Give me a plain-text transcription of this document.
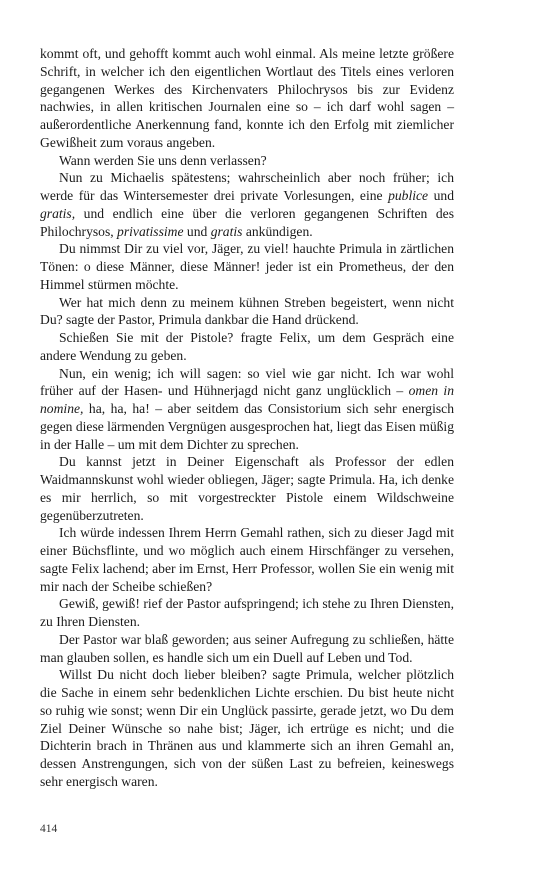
kommt oft, und gehofft kommt auch wohl einmal. Als meine letzte größere Schrift, in welcher ich den eigentlichen Wortlaut des Titels eines verloren gegangenen Werkes des Kirchenvaters Philochrysos bis zur Evidenz nachwies, in allen kritischen Journalen eine so – ich darf wohl sagen – außerordentliche Anerkennung fand, konnte ich den Erfolg mit ziemlicher Gewißheit zum voraus angeben.

Wann werden Sie uns denn verlassen?

Nun zu Michaelis spätestens; wahrscheinlich aber noch früher; ich werde für das Wintersemester drei private Vorlesungen, eine publice und gratis, und endlich eine über die verloren gegangenen Schriften des Philochrysos, privatissime und gratis ankündigen.

Du nimmst Dir zu viel vor, Jäger, zu viel! hauchte Primula in zärtlichen Tönen: o diese Männer, diese Männer! jeder ist ein Prometheus, der den Himmel stürmen möchte.

Wer hat mich denn zu meinem kühnen Streben begeistert, wenn nicht Du? sagte der Pastor, Primula dankbar die Hand drückend.

Schießen Sie mit der Pistole? fragte Felix, um dem Gespräch eine andere Wendung zu geben.

Nun, ein wenig; ich will sagen: so viel wie gar nicht. Ich war wohl früher auf der Hasen- und Hühnerjagd nicht ganz unglücklich – omen in nomine, ha, ha, ha! – aber seitdem das Consistorium sich sehr energisch gegen diese lärmenden Vergnügen ausgesprochen hat, liegt das Eisen müßig in der Halle – um mit dem Dichter zu sprechen.

Du kannst jetzt in Deiner Eigenschaft als Professor der edlen Waidmannskunst wohl wieder obliegen, Jäger; sagte Primula. Ha, ich denke es mir herrlich, so mit vorgestreckter Pistole einem Wildschweine gegenüberzutreten.

Ich würde indessen Ihrem Herrn Gemahl rathen, sich zu dieser Jagd mit einer Büchsflinte, und wo möglich auch einem Hirschfänger zu versehen, sagte Felix lachend; aber im Ernst, Herr Professor, wollen Sie ein wenig mit mir nach der Scheibe schießen?

Gewiß, gewiß! rief der Pastor aufspringend; ich stehe zu Ihren Diensten, zu Ihren Diensten.

Der Pastor war blaß geworden; aus seiner Aufregung zu schließen, hätte man glauben sollen, es handle sich um ein Duell auf Leben und Tod.

Willst Du nicht doch lieber bleiben? sagte Primula, welcher plötzlich die Sache in einem sehr bedenklichen Lichte erschien. Du bist heute nicht so ruhig wie sonst; wenn Dir ein Unglück passirte, gerade jetzt, wo Du dem Ziel Deiner Wünsche so nahe bist; Jäger, ich ertrüge es nicht; und die Dichterin brach in Thränen aus und klammerte sich an ihren Gemahl an, dessen Anstrengungen, sich von der süßen Last zu befreien, keineswegs sehr energisch waren.

414
